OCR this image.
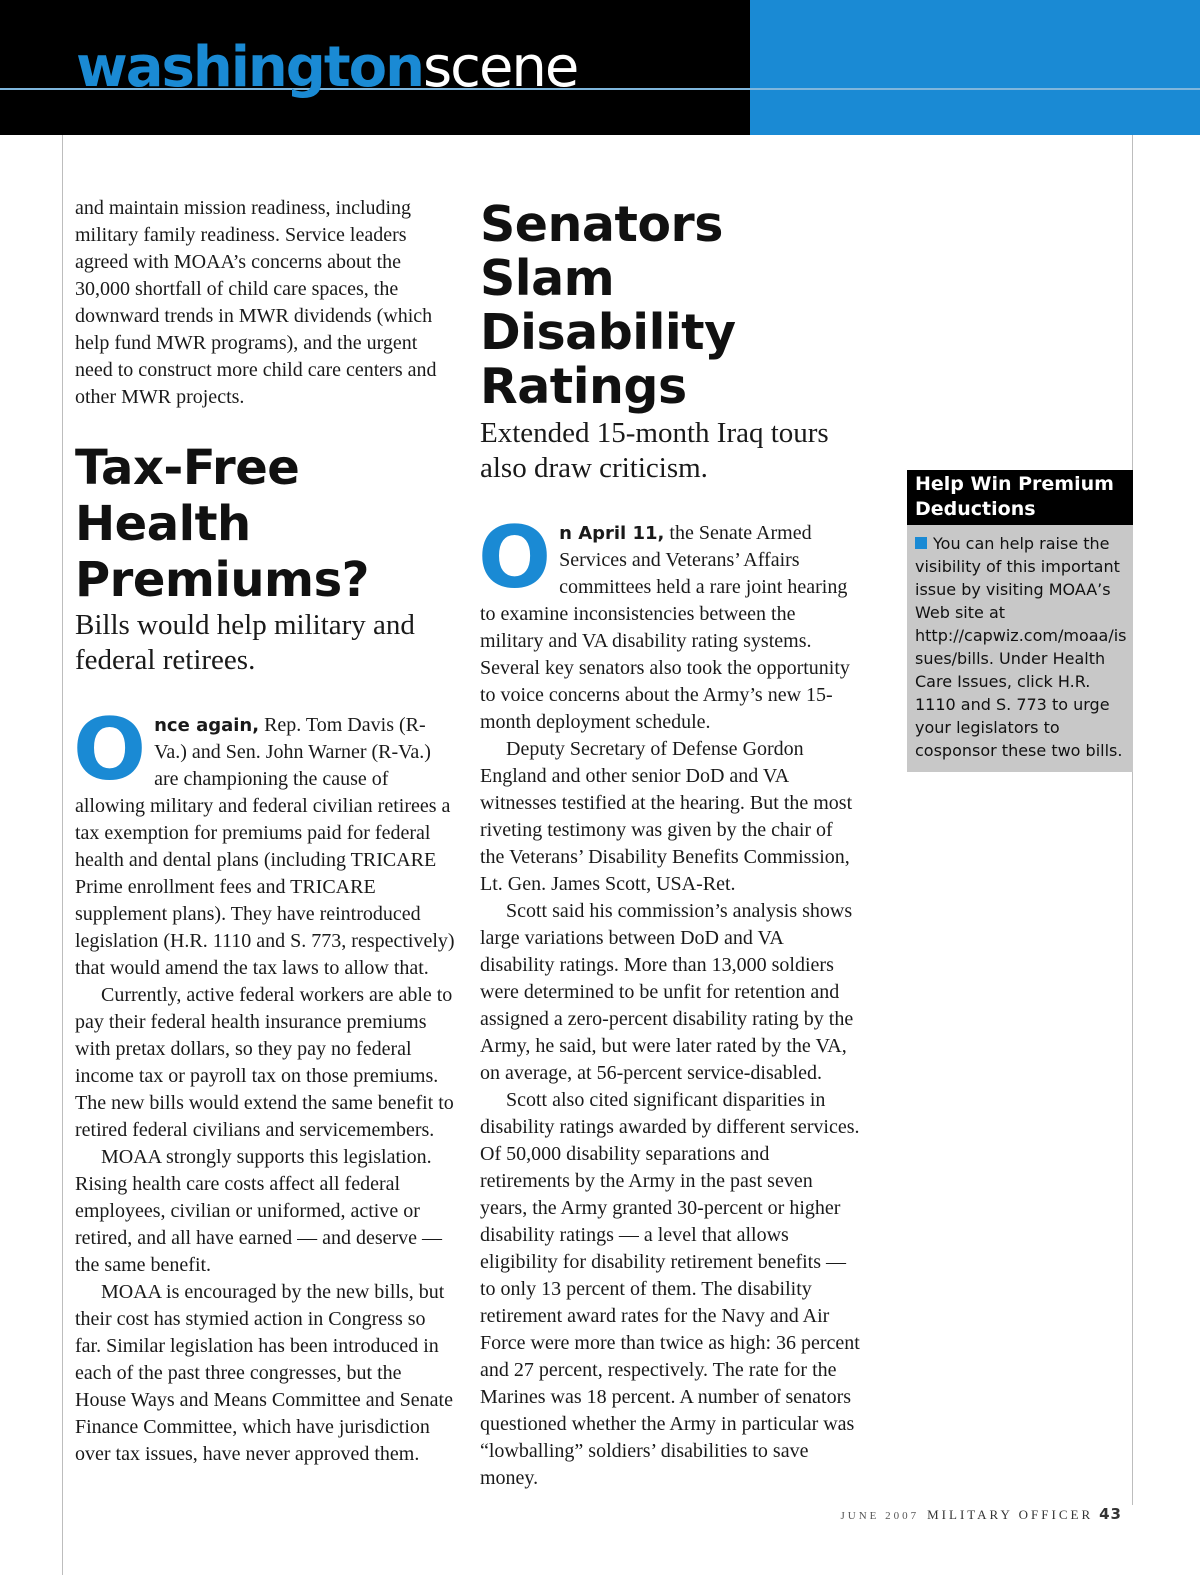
washingtonscene

and maintain mission readiness, including military family readiness. Service leaders agreed with MOAA’s concerns about the 30,000 shortfall of child care spaces, the downward trends in MWR dividends (which help fund MWR programs), and the urgent need to construct more child care centers and other MWR projects.

Tax-Free Health Premiums?

Bills would help military and federal retirees.

Once again, Rep. Tom Davis (R-Va.) and Sen. John Warner (R-Va.) are championing the cause of allowing military and federal civilian retirees a tax exemption for premiums paid for federal health and dental plans (including TRICARE Prime enrollment fees and TRICARE supplement plans). They have reintroduced legislation (H.R. 1110 and S. 773, respectively) that would amend the tax laws to allow that.

Currently, active federal workers are able to pay their federal health insurance premiums with pretax dollars, so they pay no federal income tax or payroll tax on those premiums. The new bills would extend the same benefit to retired federal civilians and servicemembers.

MOAA strongly supports this legislation. Rising health care costs affect all federal employees, civilian or uniformed, active or retired, and all have earned — and deserve — the same benefit.

MOAA is encouraged by the new bills, but their cost has stymied action in Congress so far. Similar legislation has been introduced in each of the past three congresses, but the House Ways and Means Committee and Senate Finance Committee, which have jurisdiction over tax issues, have never approved them.

Senators Slam Disability Ratings

Extended 15-month Iraq tours also draw criticism.

On April 11, the Senate Armed Services and Veterans’ Affairs committees held a rare joint hearing to examine inconsistencies between the military and VA disability rating systems. Several key senators also took the opportunity to voice concerns about the Army’s new 15-month deployment schedule.

Deputy Secretary of Defense Gordon England and other senior DoD and VA witnesses testified at the hearing. But the most riveting testimony was given by the chair of the Veterans’ Disability Benefits Commission, Lt. Gen. James Scott, USA-Ret.

Scott said his commission’s analysis shows large variations between DoD and VA disability ratings. More than 13,000 soldiers were determined to be unfit for retention and assigned a zero-percent disability rating by the Army, he said, but were later rated by the VA, on average, at 56-percent service-disabled.

Scott also cited significant disparities in disability ratings awarded by different services. Of 50,000 disability separations and retirements by the Army in the past seven years, the Army granted 30-percent or higher disability ratings — a level that allows eligibility for disability retirement benefits — to only 13 percent of them. The disability retirement award rates for the Navy and Air Force were more than twice as high: 36 percent and 27 percent, respectively. The rate for the Marines was 18 percent. A number of senators questioned whether the Army in particular was “lowballing” soldiers’ disabilities to save money.

Help Win Premium Deductions
You can help raise the visibility of this important issue by visiting MOAA’s Web site at http://capwiz.com/moaa/issues/bills. Under Health Care Issues, click H.R. 1110 and S. 773 to urge your legislators to cosponsor these two bills.
JUNE 2007 MILITARY OFFICER 43
